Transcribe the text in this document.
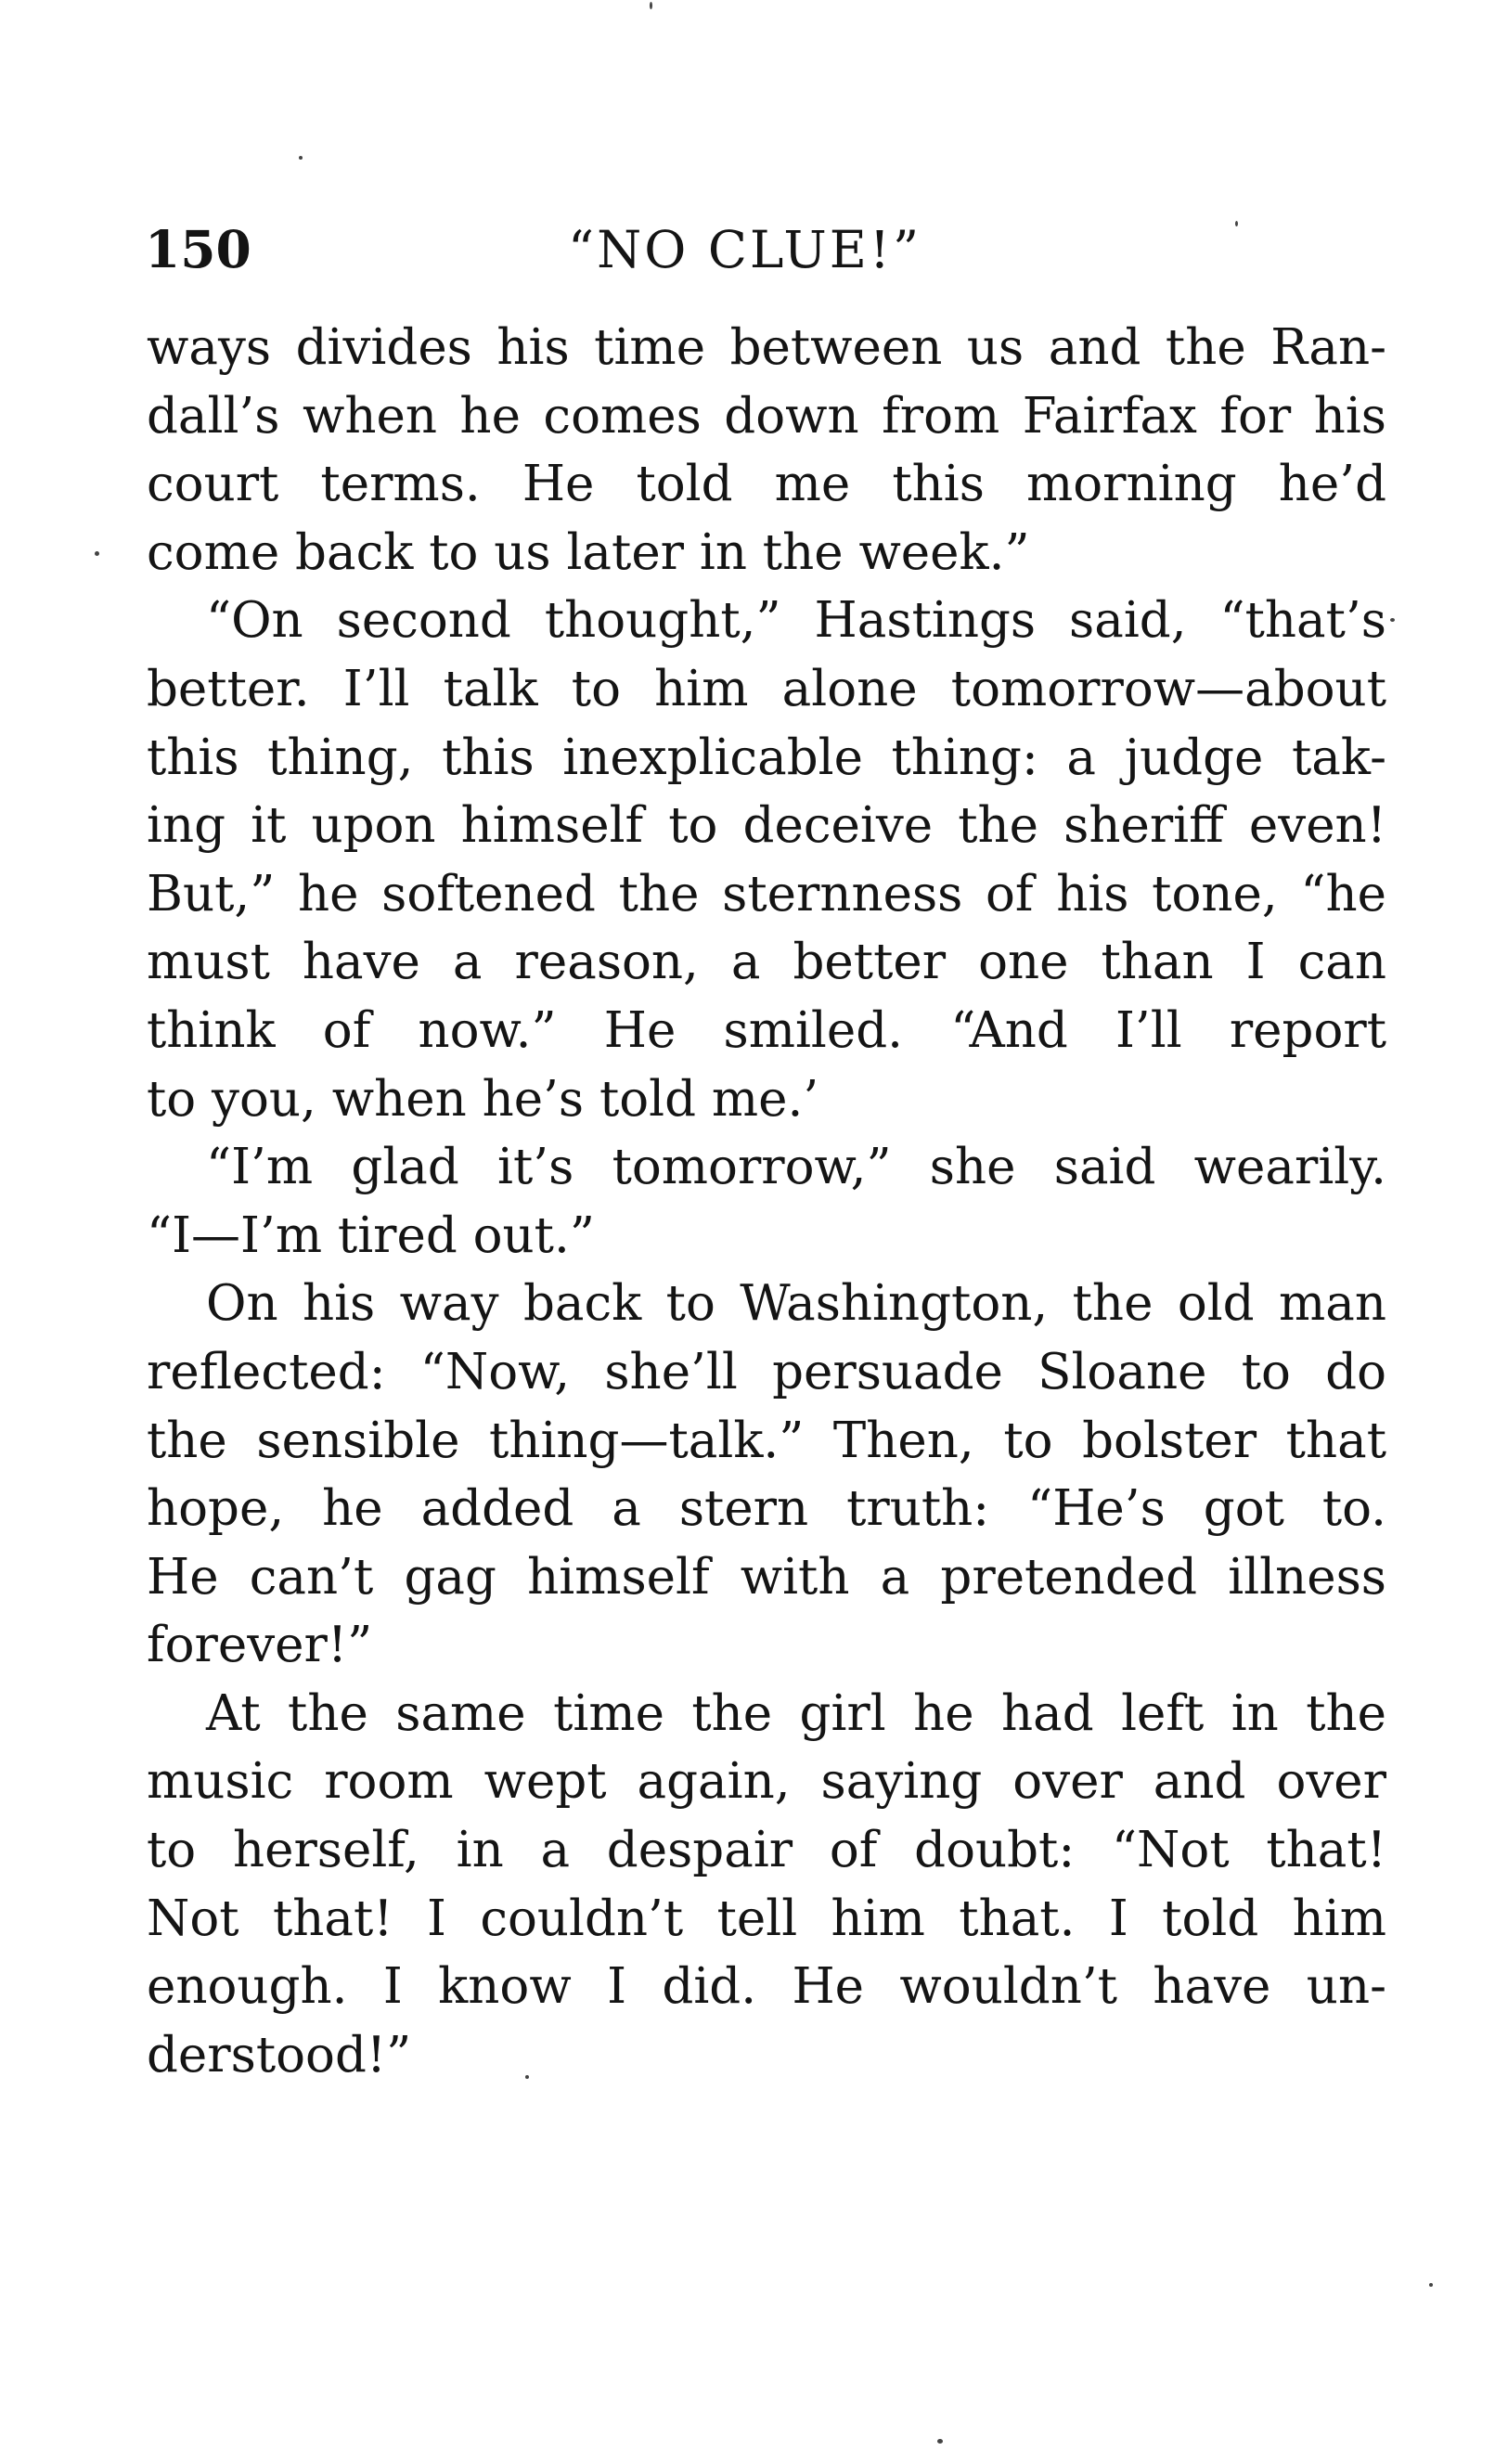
150	“NO CLUE!”
ways divides his time between us and the Ran-
dall’s when he comes down from Fairfax for his
court terms. He told me this morning he’d
come back to us later in the week.”
“On second thought,” Hastings said, “that’s
better. I’ll talk to him alone tomorrow—about
this thing, this inexplicable thing: a judge tak-
ing it upon himself to deceive the sheriff even!
But,” he softened the sternness of his tone, “he
must have a reason, a better one than I can
think of now.” He smiled. “And I’ll report
to you, when he’s told me.’
“I’m glad it’s tomorrow,” she said wearily.
“I—I’m tired out.”
On his way back to Washington, the old man
reflected: “Now, she’ll persuade Sloane to do
the sensible thing—talk.” Then, to bolster that
hope, he added a stern truth: “He’s got to.
He can’t gag himself with a pretended illness
forever!”
At the same time the girl he had left in the
music room wept again, saying over and over
to herself, in a despair of doubt: “Not that!
Not that! I couldn’t tell him that. I told him
enough. I know I did. He wouldn’t have un-
derstood!”
